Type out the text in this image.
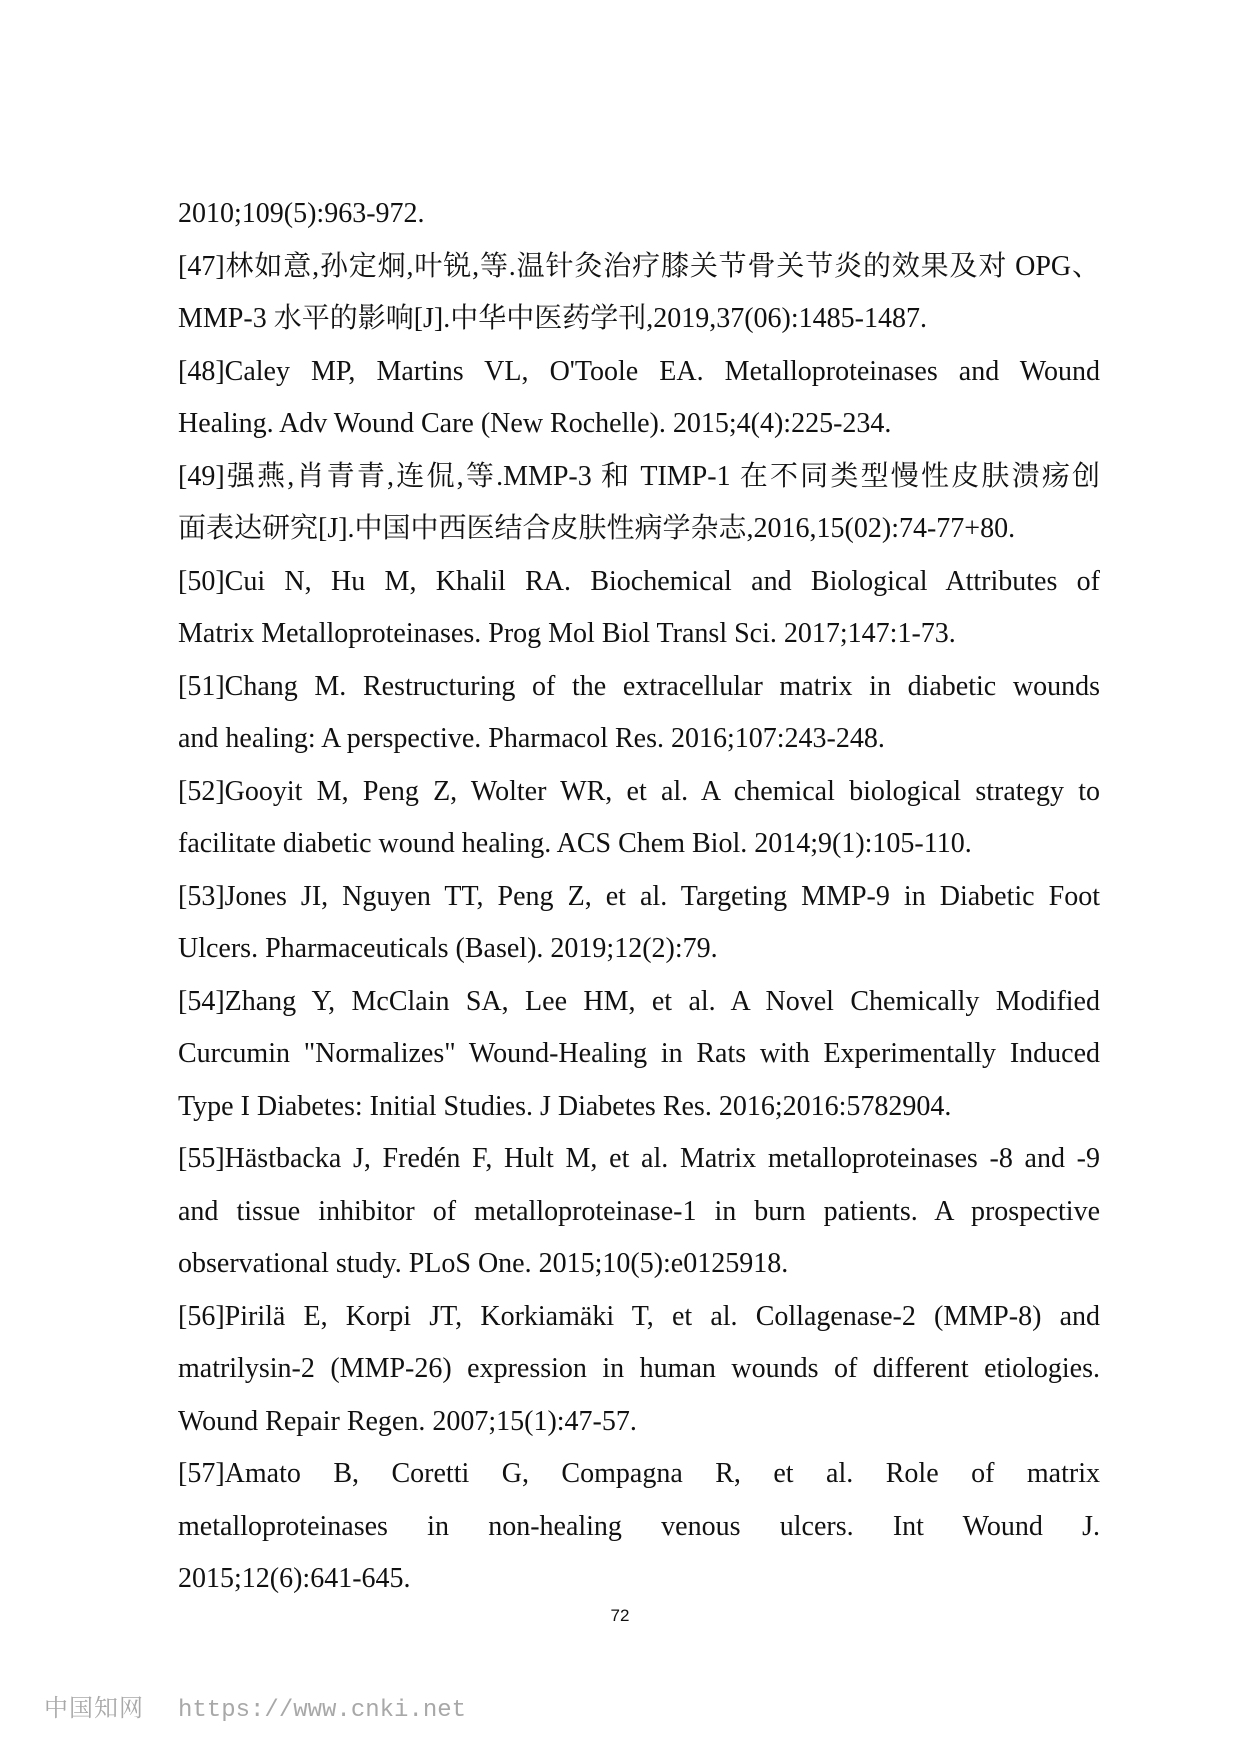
2010;109(5):963-972.
[47]林如意,孙定炯,叶锐,等.温针灸治疗膝关节骨关节炎的效果及对 OPG、
MMP-3 水平的影响[J].中华中医药学刊,2019,37(06):1485-1487.
[48]Caley MP, Martins VL, O'Toole EA. Metalloproteinases and Wound
Healing. Adv Wound Care (New Rochelle). 2015;4(4):225-234.
[49]强燕,肖青青,连侃,等.MMP-3 和 TIMP-1 在不同类型慢性皮肤溃疡创
面表达研究[J].中国中西医结合皮肤性病学杂志,2016,15(02):74-77+80.
[50]Cui N, Hu M, Khalil RA. Biochemical and Biological Attributes of
Matrix Metalloproteinases. Prog Mol Biol Transl Sci. 2017;147:1-73.
[51]Chang M. Restructuring of the extracellular matrix in diabetic wounds
and healing: A perspective. Pharmacol Res. 2016;107:243-248.
[52]Gooyit M, Peng Z, Wolter WR, et al. A chemical biological strategy to
facilitate diabetic wound healing. ACS Chem Biol. 2014;9(1):105-110.
[53]Jones JI, Nguyen TT, Peng Z, et al. Targeting MMP-9 in Diabetic Foot
Ulcers. Pharmaceuticals (Basel). 2019;12(2):79.
[54]Zhang Y, McClain SA, Lee HM, et al. A Novel Chemically Modified
Curcumin "Normalizes" Wound-Healing in Rats with Experimentally Induced
Type I Diabetes: Initial Studies. J Diabetes Res. 2016;2016:5782904.
[55]Hästbacka J, Fredén F, Hult M, et al. Matrix metalloproteinases -8 and -9
and tissue inhibitor of metalloproteinase-1 in burn patients. A prospective
observational study. PLoS One. 2015;10(5):e0125918.
[56]Pirilä E, Korpi JT, Korkiamäki T, et al. Collagenase-2 (MMP-8) and
matrilysin-2 (MMP-26) expression in human wounds of different etiologies.
Wound Repair Regen. 2007;15(1):47-57.
[57]Amato B, Coretti G, Compagna R, et al. Role of matrix
metalloproteinases in non-healing venous ulcers. Int Wound J.
2015;12(6):641-645.
72
中国知网 https://www.cnki.net
